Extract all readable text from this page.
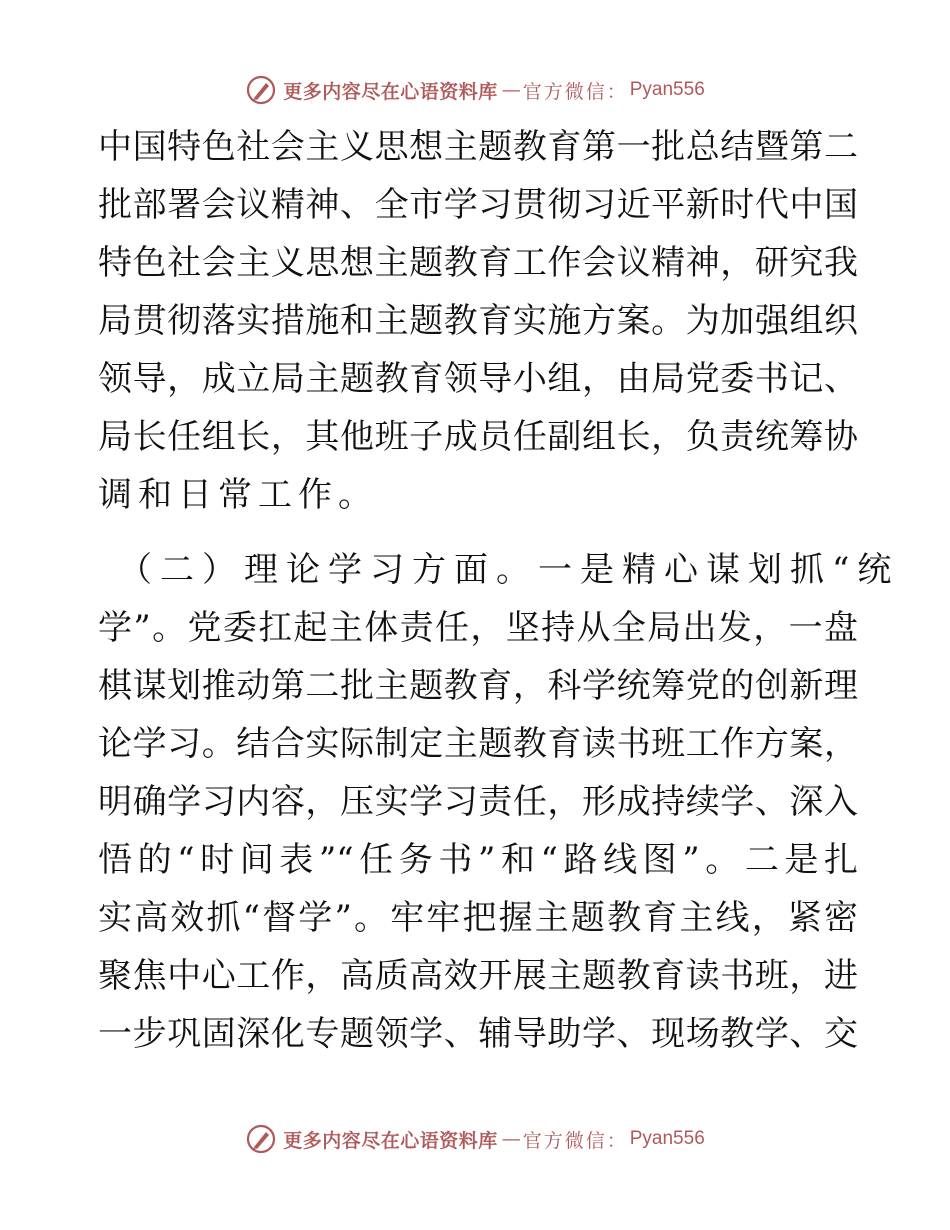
更多内容尽在心语资料库 — 官方微信： Pyan556
中国特色社会主义思想主题教育第一批总结暨第二
批部署会议精神、全市学习贯彻习近平新时代中国
特色社会主义思想主题教育工作会议精神，研究我
局贯彻落实措施和主题教育实施方案。为加强组织
领导，成立局主题教育领导小组，由局党委书记、
局长任组长，其他班子成员任副组长，负责统筹协
调和日常工作。
（二）理论学习方面。一是精心谋划抓“统
学”。党委扛起主体责任，坚持从全局出发，一盘
棋谋划推动第二批主题教育，科学统筹党的创新理
论学习。结合实际制定主题教育读书班工作方案，
明确学习内容，压实学习责任，形成持续学、深入
悟的“时间表”“任务书”和“路线图”。二是扎
实高效抓“督学”。牢牢把握主题教育主线，紧密
聚焦中心工作，高质高效开展主题教育读书班，进
一步巩固深化专题领学、辅导助学、现场教学、交
更多内容尽在心语资料库 — 官方微信： Pyan556
